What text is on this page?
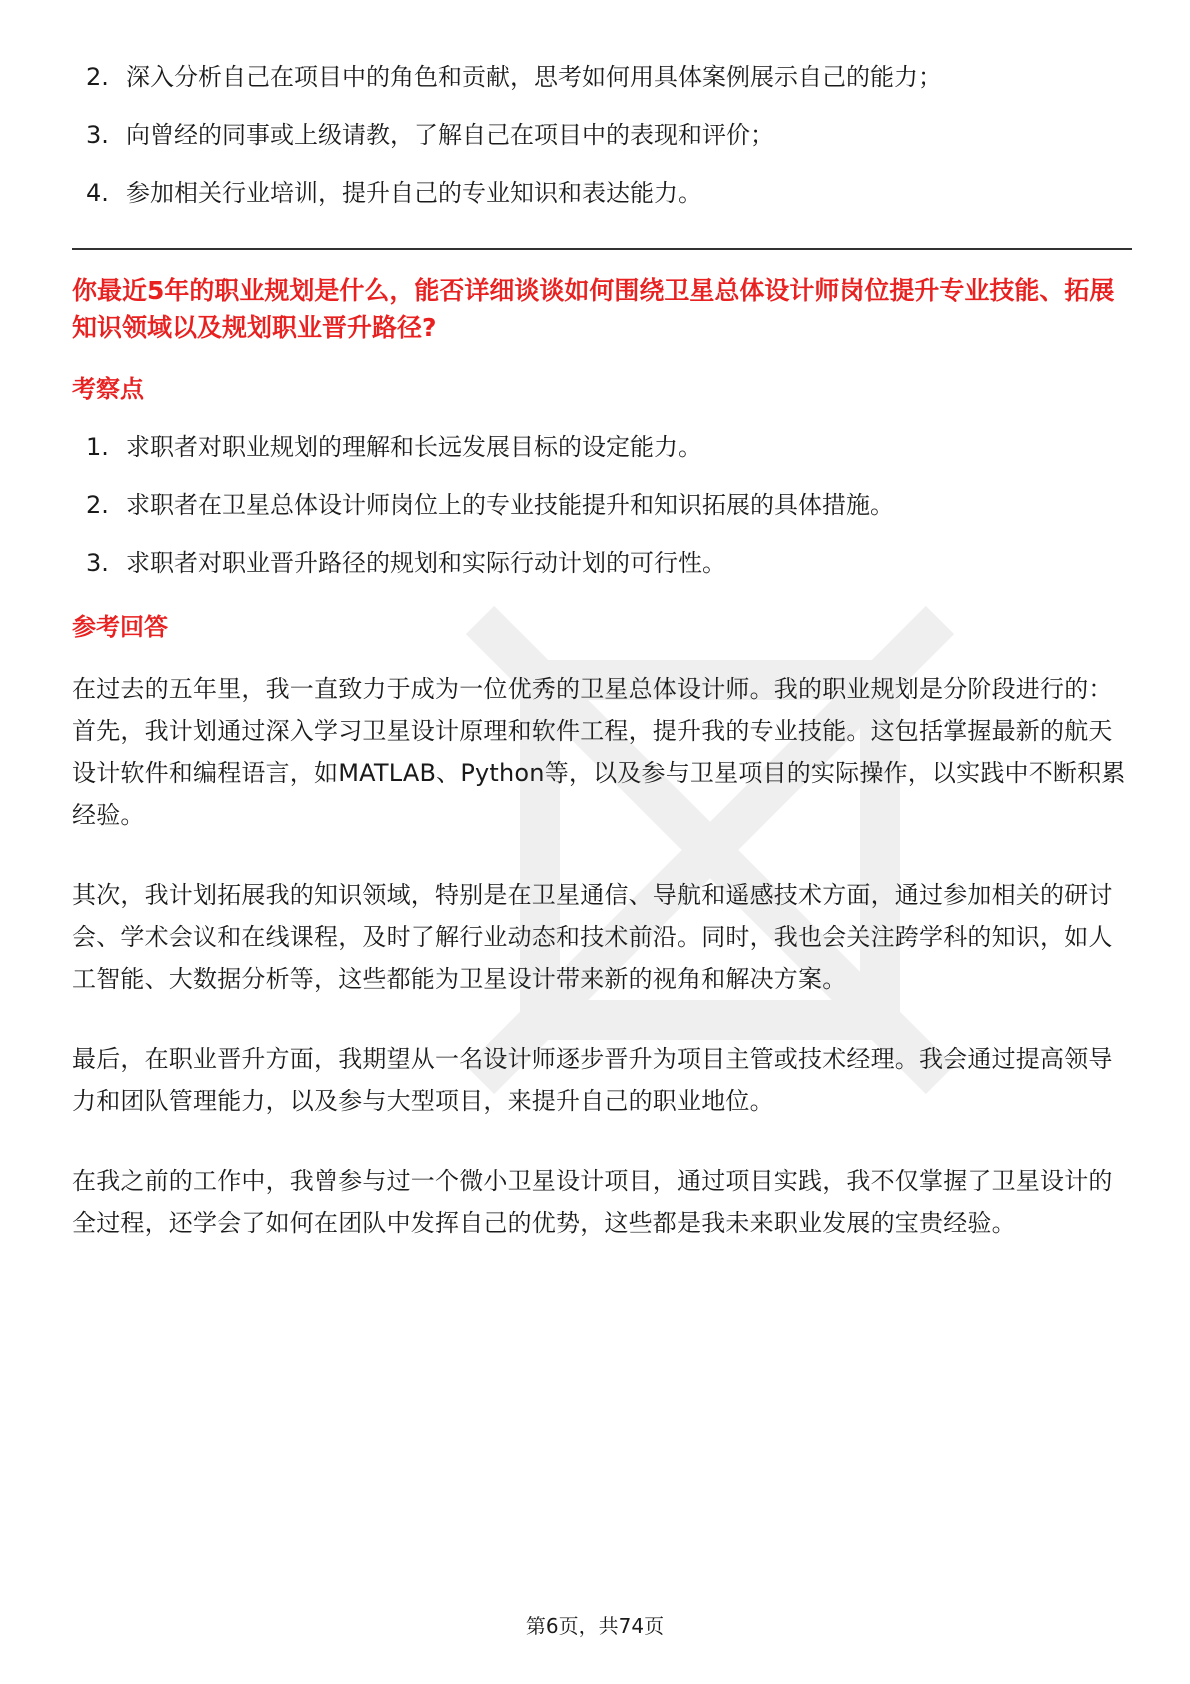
2. 深入分析自己在项目中的角色和贡献，思考如何用具体案例展示自己的能力；
3. 向曾经的同事或上级请教，了解自己在项目中的表现和评价；
4. 参加相关行业培训，提升自己的专业知识和表达能力。
你最近5年的职业规划是什么，能否详细谈谈如何围绕卫星总体设计师岗位提升专业技能、拓展知识领域以及规划职业晋升路径?
考察点
1. 求职者对职业规划的理解和长远发展目标的设定能力。
2. 求职者在卫星总体设计师岗位上的专业技能提升和知识拓展的具体措施。
3. 求职者对职业晋升路径的规划和实际行动计划的可行性。
参考回答

在过去的五年里，我一直致力于成为一位优秀的卫星总体设计师。我的职业规划是分阶段进行的：首先，我计划通过深入学习卫星设计原理和软件工程，提升我的专业技能。这包括掌握最新的航天设计软件和编程语言，如MATLAB、Python等，以及参与卫星项目的实际操作，以实践中不断积累经验。

其次，我计划拓展我的知识领域，特别是在卫星通信、导航和遥感技术方面，通过参加相关的研讨会、学术会议和在线课程，及时了解行业动态和技术前沿。同时，我也会关注跨学科的知识，如人工智能、大数据分析等，这些都能为卫星设计带来新的视角和解决方案。

最后，在职业晋升方面，我期望从一名设计师逐步晋升为项目主管或技术经理。我会通过提高领导力和团队管理能力，以及参与大型项目，来提升自己的职业地位。

在我之前的工作中，我曾参与过一个微小卫星设计项目，通过项目实践，我不仅掌握了卫星设计的全过程，还学会了如何在团队中发挥自己的优势，这些都是我未来职业发展的宝贵经验。

第6页，共74页
